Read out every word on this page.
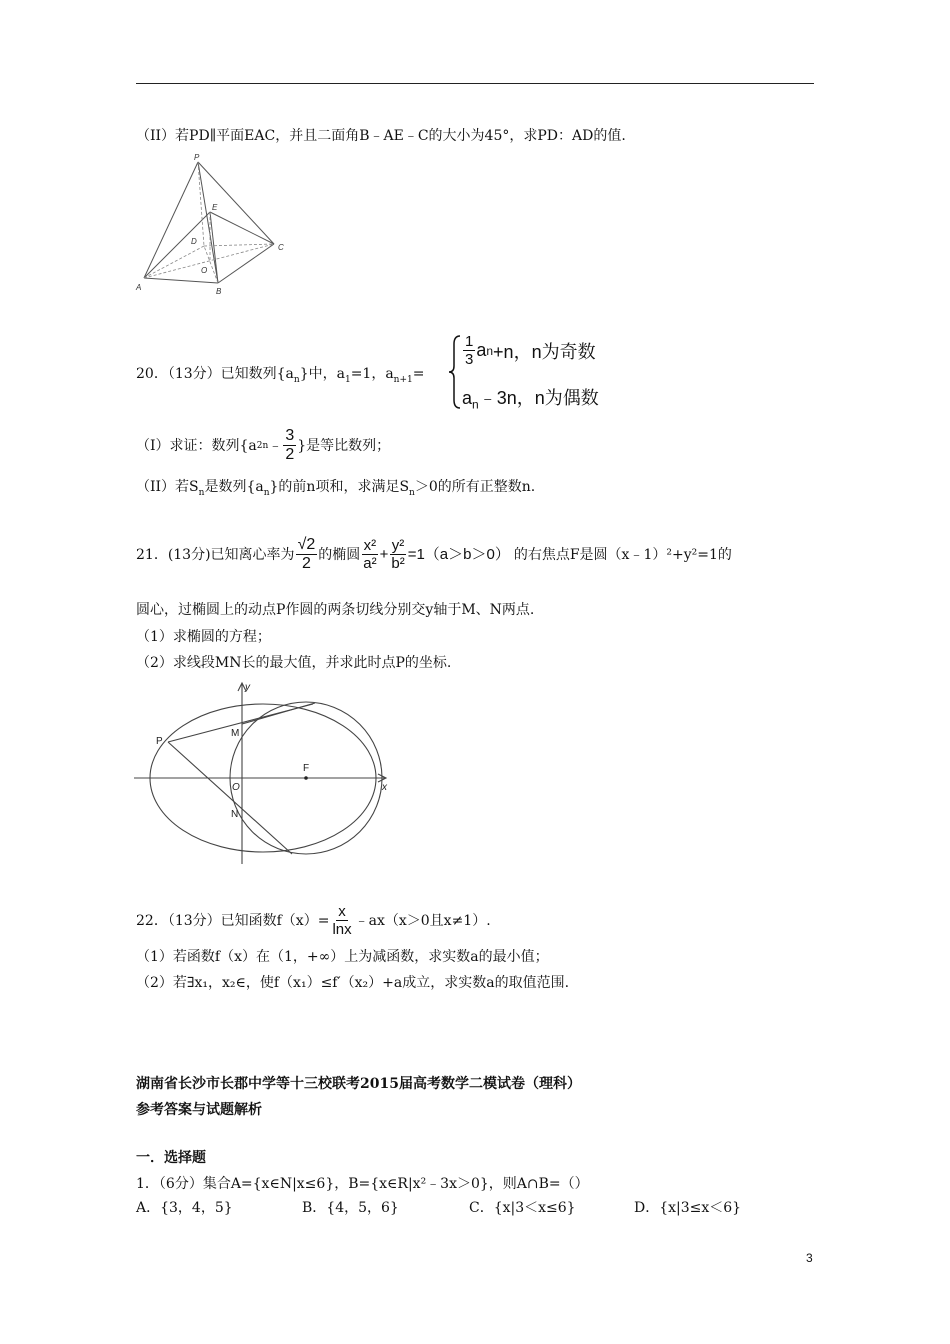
（II）若PD∥平面EAC，并且二面角B﹣AE﹣C的大小为45°，求PD：AD的值.
P
E
D
C
O
A	B
20．（13分）已知数列$\{a_n\}$中，$a_1=1$，$a_{n+1}=$
$\frac{1}{3}$ a n +n，n为奇数
$a_n﹣3n$，n为偶数
（I）求证：数列{a 2n ﹣ $\frac{3}{2}$ }是等比数列；
（II）若$S_n$是数列$\{a_n\}$的前n项和，求满足$S_n>0$的所有正整数n.
21．(13分)已知离心率为 $\frac{√2}{2}$ 的椭圆 $\frac{\text{x²}}{\text{a²}} + \frac{\text{y²}}{\text{b²}} =1(a>b>0)$ 的右焦点F是圆（x﹣1）²+y²=1的
圆心，过椭圆上的动点P作圆的两条切线分别交y轴于M、N两点.
（1）求椭圆的方程；
（2）求线段MN长的最大值，并求此时点P的坐标.
y
x
P
M
O
F
N
22．（13分）已知函数$f(x)= \frac{x}{\ln x}$ ﹣ax（x＞0且x≠1）.
（1）若函数f（x）在（1，+∞）上为减函数，求实数a的最小值；
（2）若∃x₁，x₂∈，使f（x₁）≤f′（x₂）+a成立，求实数a的取值范围.
湖南省长沙市长郡中学等十三校联考2015届高考数学二模试卷（理科）
参考答案与试题解析
一．选择题
1．（6分）集合A={x∈N|x≤6}，B={x∈R|x²﹣3x＞0}，则A∩B=（）
A．{3，4，5}	B．{4，5，6}	C．{x|3＜x≤6}	D．{x|3≤x＜6}
3
